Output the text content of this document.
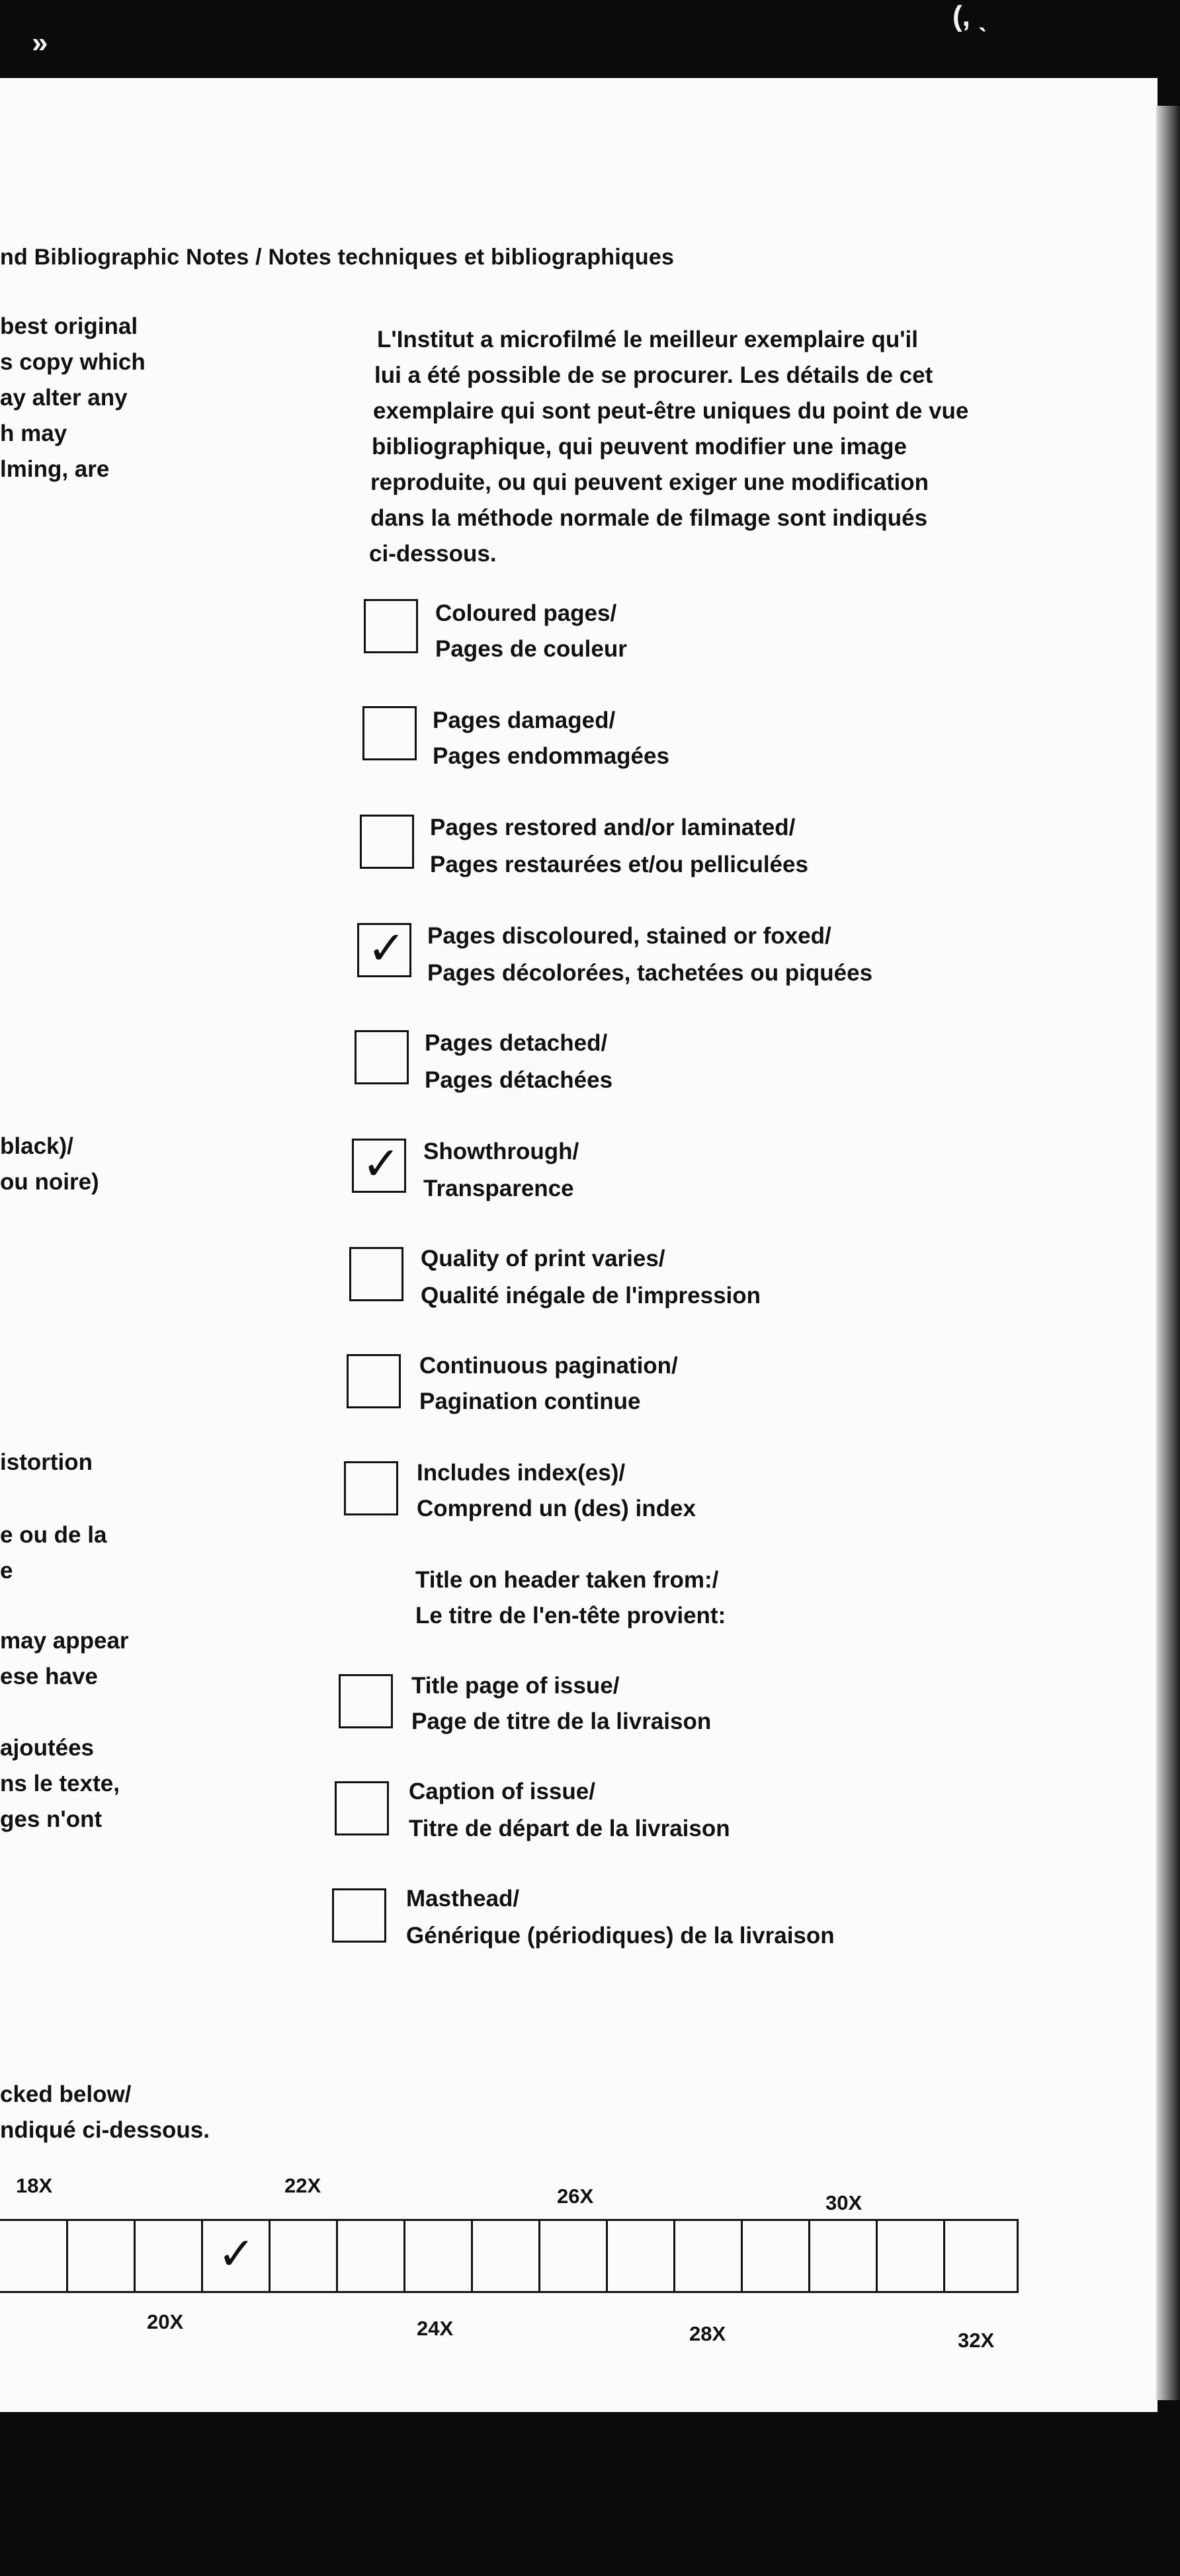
»
(, ˎ
nd Bibliographic Notes / Notes techniques et bibliographiques
best original
s copy which
ay alter any
h may
lming, are
black)/
ou noire)
istortion
e ou de la
e
may appear
ese have
ajoutées
ns le texte,
ges n'ont
cked below/
ndiqué ci-dessous.
L'Institut a microfilmé le meilleur exemplaire qu'il
lui a été possible de se procurer. Les détails de cet
exemplaire qui sont peut-être uniques du point de vue
bibliographique, qui peuvent modifier une image
reproduite, ou qui peuvent exiger une modification
dans la méthode normale de filmage sont indiqués
ci-dessous.
Coloured pages/
Pages de couleur
Pages damaged/
Pages endommagées
Pages restored and/or laminated/
Pages restaurées et/ou pelliculées
✓ Pages discoloured, stained or foxed/
Pages décolorées, tachetées ou piquées
Pages detached/
Pages détachées
✓ Showthrough/
Transparence
Quality of print varies/
Qualité inégale de l'impression
Continuous pagination/
Pagination continue
Includes index(es)/
Comprend un (des) index
Title on header taken from:/
Le titre de l'en-tête provient:
Title page of issue/
Page de titre de la livraison
Caption of issue/
Titre de départ de la livraison
Masthead/
Générique (périodiques) de la livraison
18X	22X	26X	30X
✓
20X	24X	28X	32X
